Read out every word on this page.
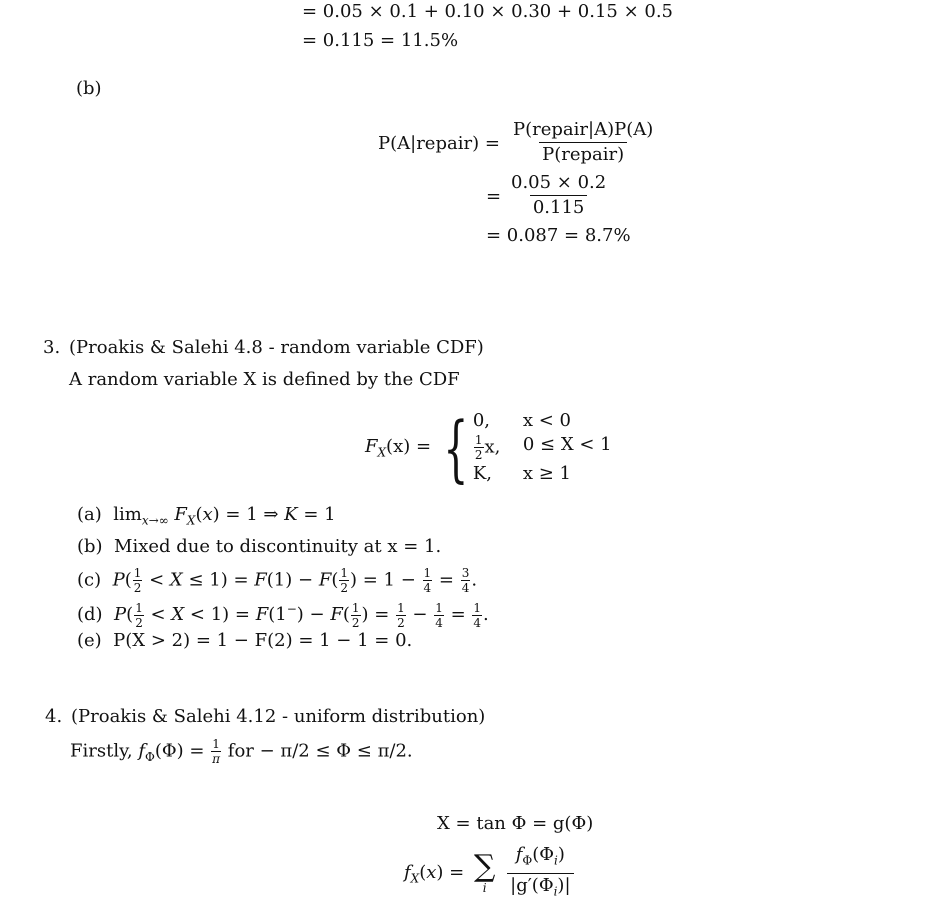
= 0.05 × 0.1 + 0.10 × 0.30 + 0.15 × 0.5
= 0.115 = 11.5%
(b)
P(A|repair) = $\frac{\text{P(repair|A)P(A)}}{\text{P(repair)}}$
= $\frac{0.05 \times 0.2}{0.115}$
= 0.087 = 8.7%
3. (Proakis & Salehi 4.8 - random variable CDF)
A random variable X is defined by the CDF
$F_X(x)$ = { 0,	x < 0
$\frac{1}{2} x$,	0 ≤ X < 1
K,	x ≥ 1
(a) $\lim_{x\to\infty} F_X(x) = 1$ ⇒ K = 1
(b) Mixed due to discontinuity at x = 1.
(c) $P( \frac{1}{2} < X \le 1) = F(1) - F( \frac{1}{2}$ ) = $1 - \frac{1}{4} = \frac{3}{4}$ .
(d) $P( \frac{1}{2} < X < 1) = F(1^-) - F( \frac{1}{2}$ ) = $\frac{1}{2} - \frac{1}{4} = \frac{1}{4}$ .
(e) P(X > 2) = 1 − F(2) = 1 − 1 = 0.
4. (Proakis & Salehi 4.12 - uniform distribution)
Firstly, $f_\Phi(\Phi) = \frac{1}{\pi}$ for − π/2 ≤ Φ ≤ π/2.
X = tan Φ = g(Φ)
$f_X(x)$ = ∑
i
$\frac{f_\Phi(\Phi_i)}{|g'(\Phi_i)|}$
